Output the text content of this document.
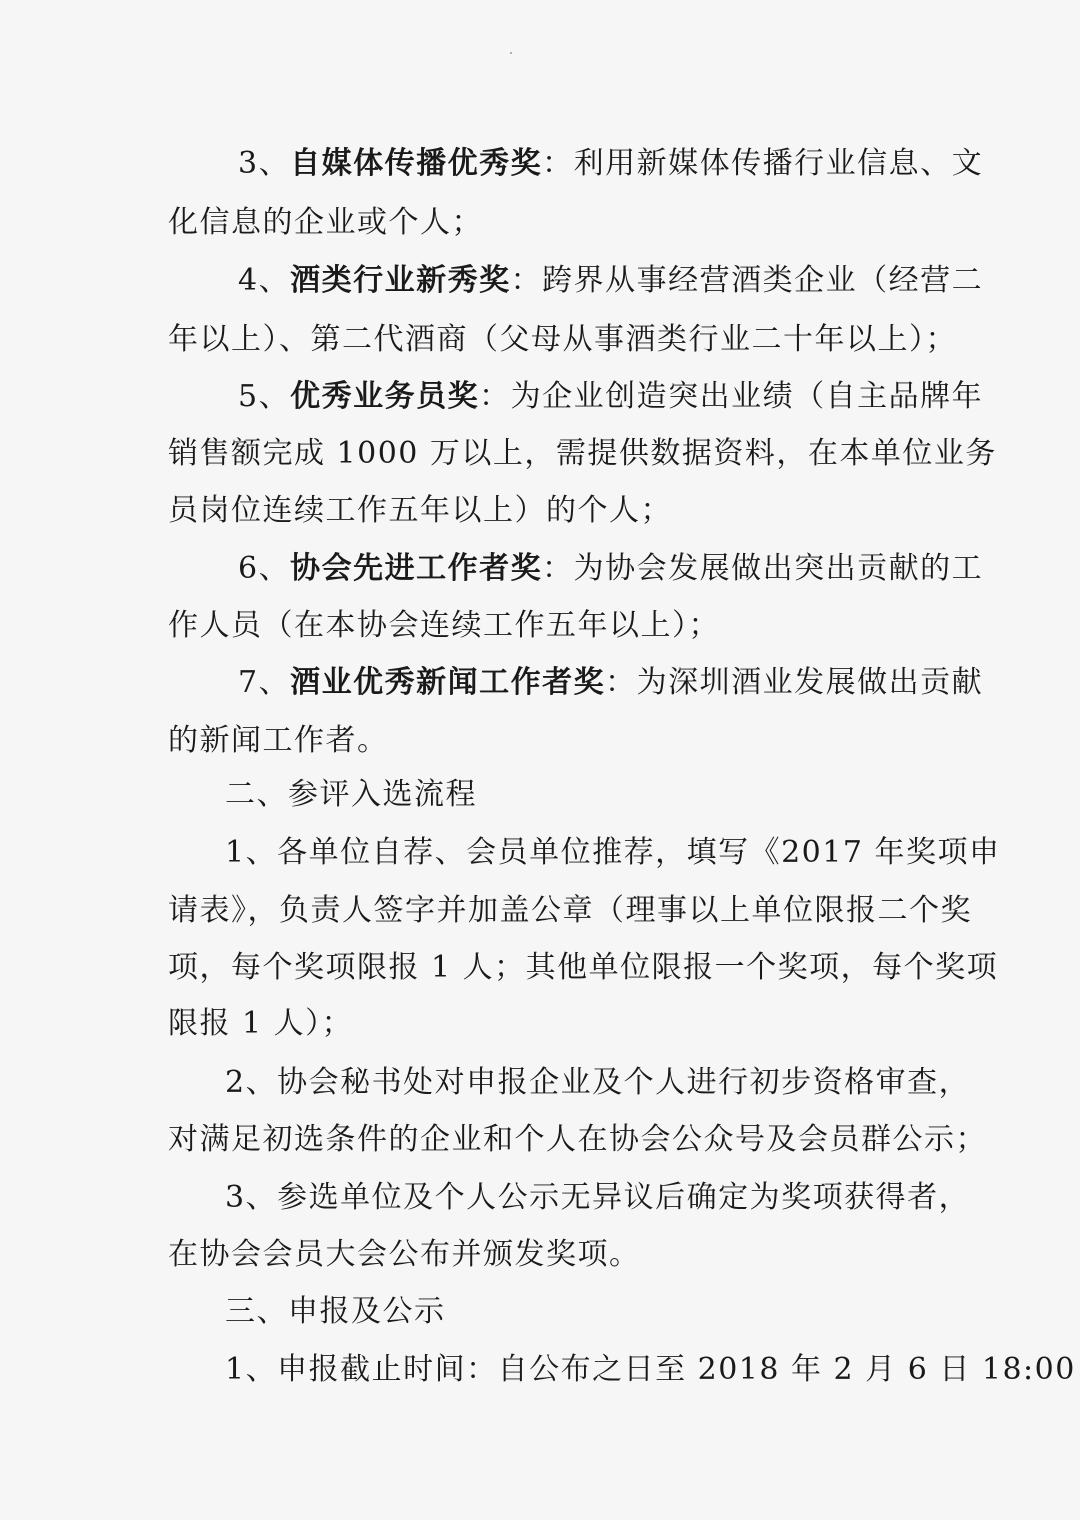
3、自媒体传播优秀奖：利用新媒体传播行业信息、文
化信息的企业或个人；
4、酒类行业新秀奖：跨界从事经营酒类企业（经营二
年以上）、第二代酒商（父母从事酒类行业二十年以上）；
5、优秀业务员奖：为企业创造突出业绩（自主品牌年
销售额完成 1000 万以上，需提供数据资料，在本单位业务
员岗位连续工作五年以上）的个人；
6、协会先进工作者奖：为协会发展做出突出贡献的工
作人员（在本协会连续工作五年以上）；
7、酒业优秀新闻工作者奖：为深圳酒业发展做出贡献
的新闻工作者。
二、参评入选流程
1、各单位自荐、会员单位推荐，填写《2017 年奖项申
请表》，负责人签字并加盖公章（理事以上单位限报二个奖
项，每个奖项限报 1 人；其他单位限报一个奖项，每个奖项
限报 1 人）；
2、协会秘书处对申报企业及个人进行初步资格审查，
对满足初选条件的企业和个人在协会公众号及会员群公示；
3、参选单位及个人公示无异议后确定为奖项获得者，
在协会会员大会公布并颁发奖项。
三、申报及公示
1、申报截止时间：自公布之日至 2018 年 2 月 6 日 18:00
